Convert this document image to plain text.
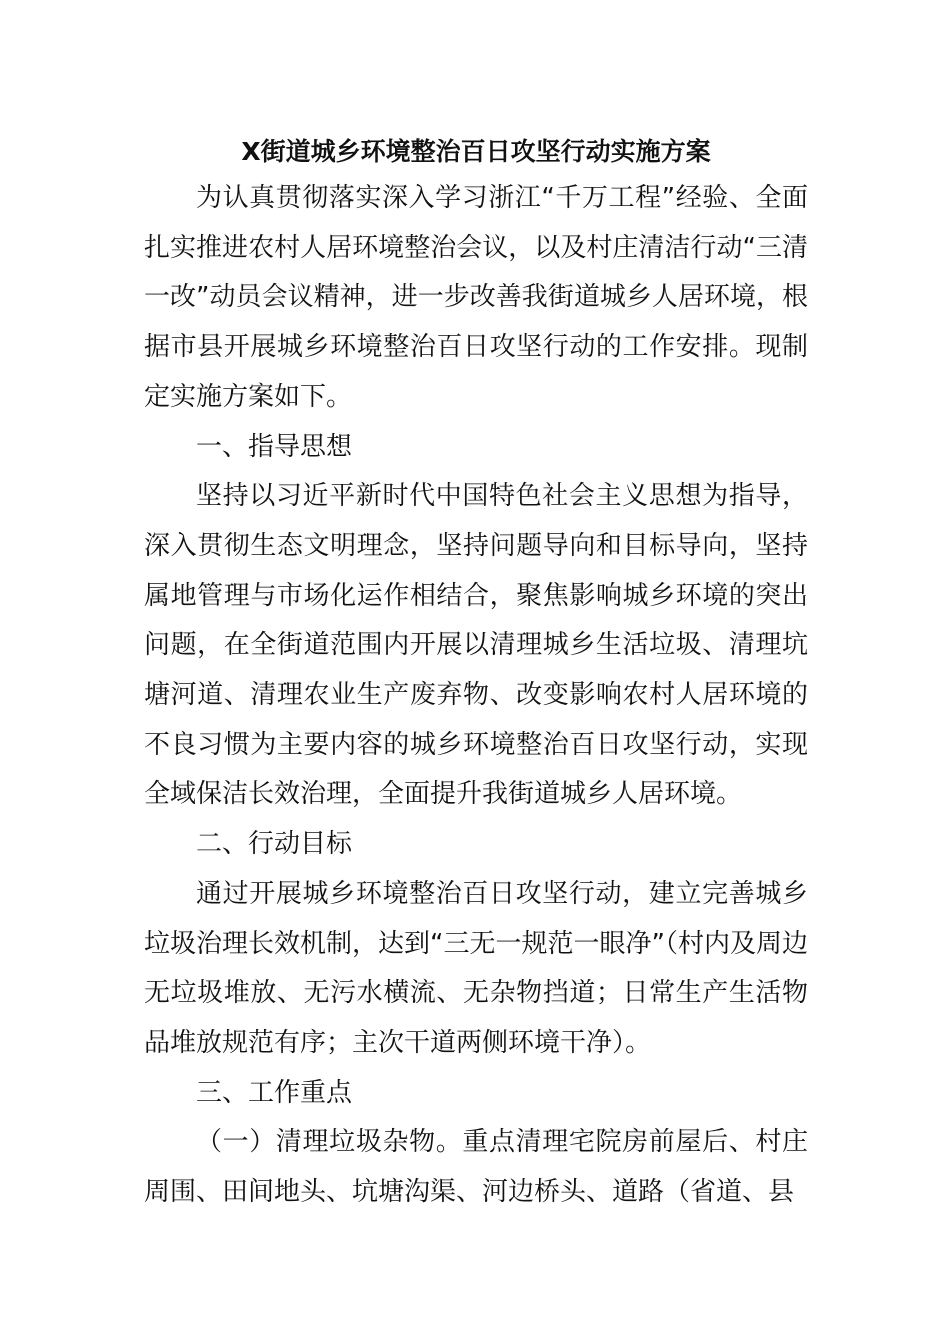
X街道城乡环境整治百日攻坚行动实施方案

为认真贯彻落实深入学习浙江“千万工程”经验、全面扎实推进农村人居环境整治会议，以及村庄清洁行动“三清一改”动员会议精神，进一步改善我街道城乡人居环境，根据市县开展城乡环境整治百日攻坚行动的工作安排。现制定实施方案如下。

一、指导思想

坚持以习近平新时代中国特色社会主义思想为指导，深入贯彻生态文明理念，坚持问题导向和目标导向，坚持属地管理与市场化运作相结合，聚焦影响城乡环境的突出问题，在全街道范围内开展以清理城乡生活垃圾、清理坑塘河道、清理农业生产废弃物、改变影响农村人居环境的不良习惯为主要内容的城乡环境整治百日攻坚行动，实现全域保洁长效治理，全面提升我街道城乡人居环境。

二、行动目标

通过开展城乡环境整治百日攻坚行动，建立完善城乡垃圾治理长效机制，达到“三无一规范一眼净”（村内及周边无垃圾堆放、无污水横流、无杂物挡道；日常生产生活物品堆放规范有序；主次干道两侧环境干净）。

三、工作重点

（一）清理垃圾杂物。重点清理宅院房前屋后、村庄周围、田间地头、坑塘沟渠、河边桥头、道路（省道、县
